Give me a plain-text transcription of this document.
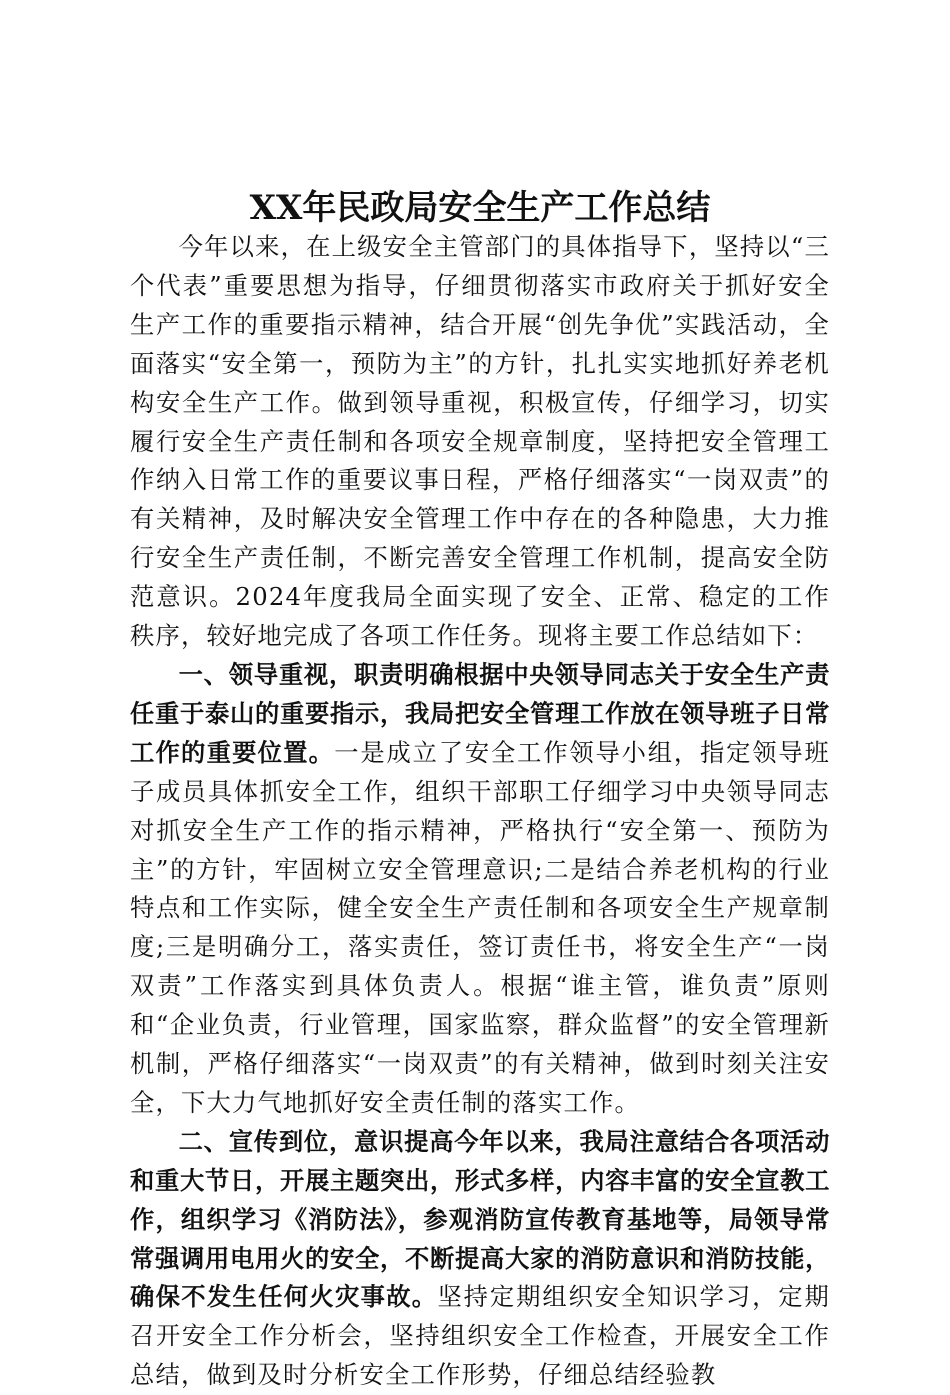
XX年民政局安全生产工作总结

今年以来，在上级安全主管部门的具体指导下，坚持以“三个代表”重要思想为指导，仔细贯彻落实市政府关于抓好安全生产工作的重要指示精神，结合开展“创先争优”实践活动，全面落实“安全第一，预防为主”的方针，扎扎实实地抓好养老机构安全生产工作。做到领导重视，积极宣传，仔细学习，切实履行安全生产责任制和各项安全规章制度，坚持把安全管理工作纳入日常工作的重要议事日程，严格仔细落实“一岗双责”的有关精神，及时解决安全管理工作中存在的各种隐患，大力推行安全生产责任制，不断完善安全管理工作机制，提高安全防范意识。2024年度我局全面实现了安全、正常、稳定的工作秩序，较好地完成了各项工作任务。现将主要工作总结如下：

一、领导重视，职责明确根据中央领导同志关于安全生产责任重于泰山的重要指示，我局把安全管理工作放在领导班子日常工作的重要位置。一是成立了安全工作领导小组，指定领导班子成员具体抓安全工作，组织干部职工仔细学习中央领导同志对抓安全生产工作的指示精神，严格执行“安全第一、预防为主”的方针，牢固树立安全管理意识;二是结合养老机构的行业特点和工作实际，健全安全生产责任制和各项安全生产规章制度;三是明确分工，落实责任，签订责任书，将安全生产“一岗双责”工作落实到具体负责人。根据“谁主管，谁负责”原则和“企业负责，行业管理，国家监察，群众监督”的安全管理新机制，严格仔细落实“一岗双责”的有关精神，做到时刻关注安全，下大力气地抓好安全责任制的落实工作。

二、宣传到位，意识提高今年以来，我局注意结合各项活动和重大节日，开展主题突出，形式多样，内容丰富的安全宣教工作，组织学习《消防法》，参观消防宣传教育基地等，局领导常常强调用电用火的安全，不断提高大家的消防意识和消防技能，确保不发生任何火灾事故。坚持定期组织安全知识学习，定期召开安全工作分析会，坚持组织安全工作检查，开展安全工作总结，做到及时分析安全工作形势，仔细总结经验教
